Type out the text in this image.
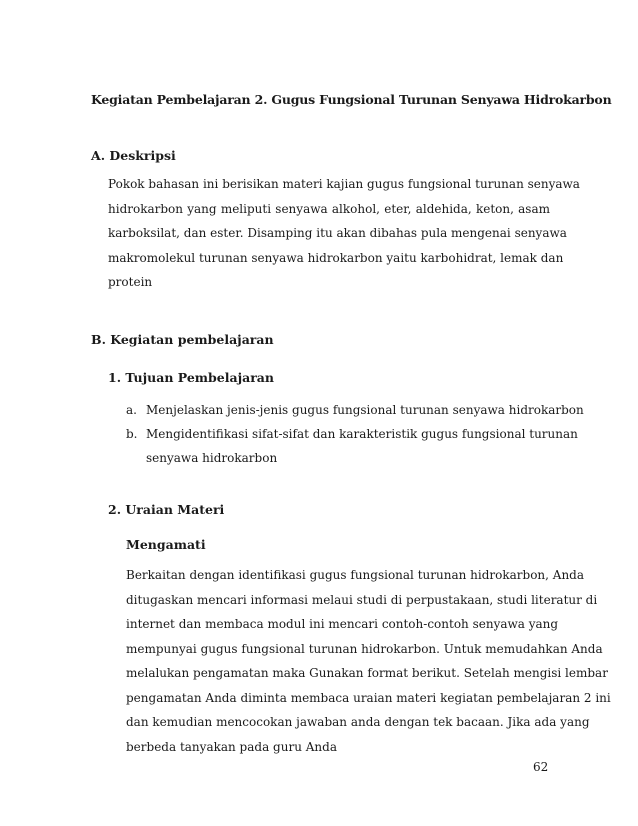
Kegiatan Pembelajaran 2. Gugus Fungsional Turunan Senyawa Hidrokarbon
A. Deskripsi
Pokok bahasan ini berisikan materi kajian gugus fungsional turunan senyawa
hidrokarbon yang meliputi senyawa alkohol, eter, aldehida, keton, asam
karboksilat, dan ester. Disamping itu akan dibahas pula mengenai senyawa
makromolekul turunan senyawa hidrokarbon yaitu karbohidrat, lemak dan
protein
B. Kegiatan pembelajaran
1. Tujuan Pembelajaran
a. Menjelaskan jenis-jenis gugus fungsional turunan senyawa hidrokarbon
b. Mengidentifikasi sifat-sifat dan karakteristik gugus fungsional turunan
senyawa hidrokarbon
2. Uraian Materi
Mengamati
Berkaitan dengan identifikasi gugus fungsional turunan hidrokarbon, Anda
ditugaskan mencari informasi melaui studi di perpustakaan, studi literatur di
internet dan membaca modul ini mencari contoh-contoh senyawa yang
mempunyai gugus fungsional turunan hidrokarbon. Untuk memudahkan Anda
melalukan pengamatan maka Gunakan format berikut. Setelah mengisi lembar
pengamatan Anda diminta membaca uraian materi kegiatan pembelajaran 2 ini
dan kemudian mencocokan jawaban anda dengan tek bacaan. Jika ada yang
berbeda tanyakan pada guru Anda
62
